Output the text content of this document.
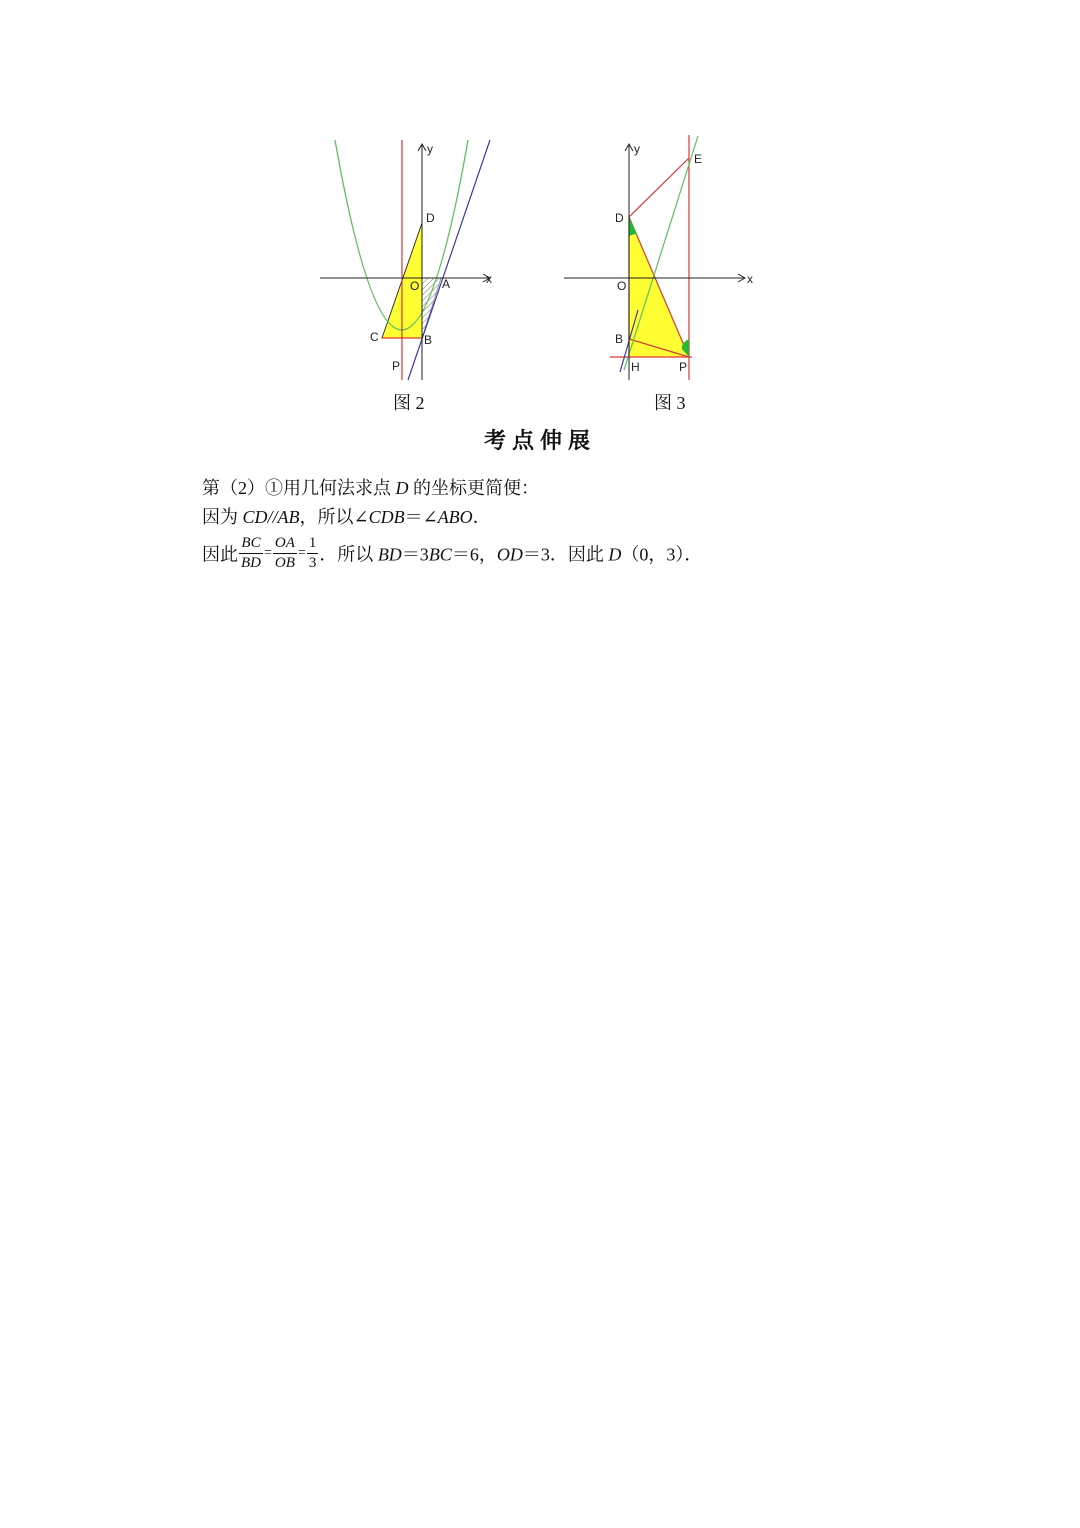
y
x
D
O A
C	B
P
图 2
y
x
E
D
O
B
H	P
图 3
考点伸展
第（2）①用几何法求点 D 的坐标更简便：
因为 CD//AB，所以∠CDB＝∠ABO．
因此 $\frac{BC}{BD} = \frac{OA}{OB} = \frac{1}{3}$ ．所以 BD＝3BC＝6，OD＝3．因此 D（0，3）．
